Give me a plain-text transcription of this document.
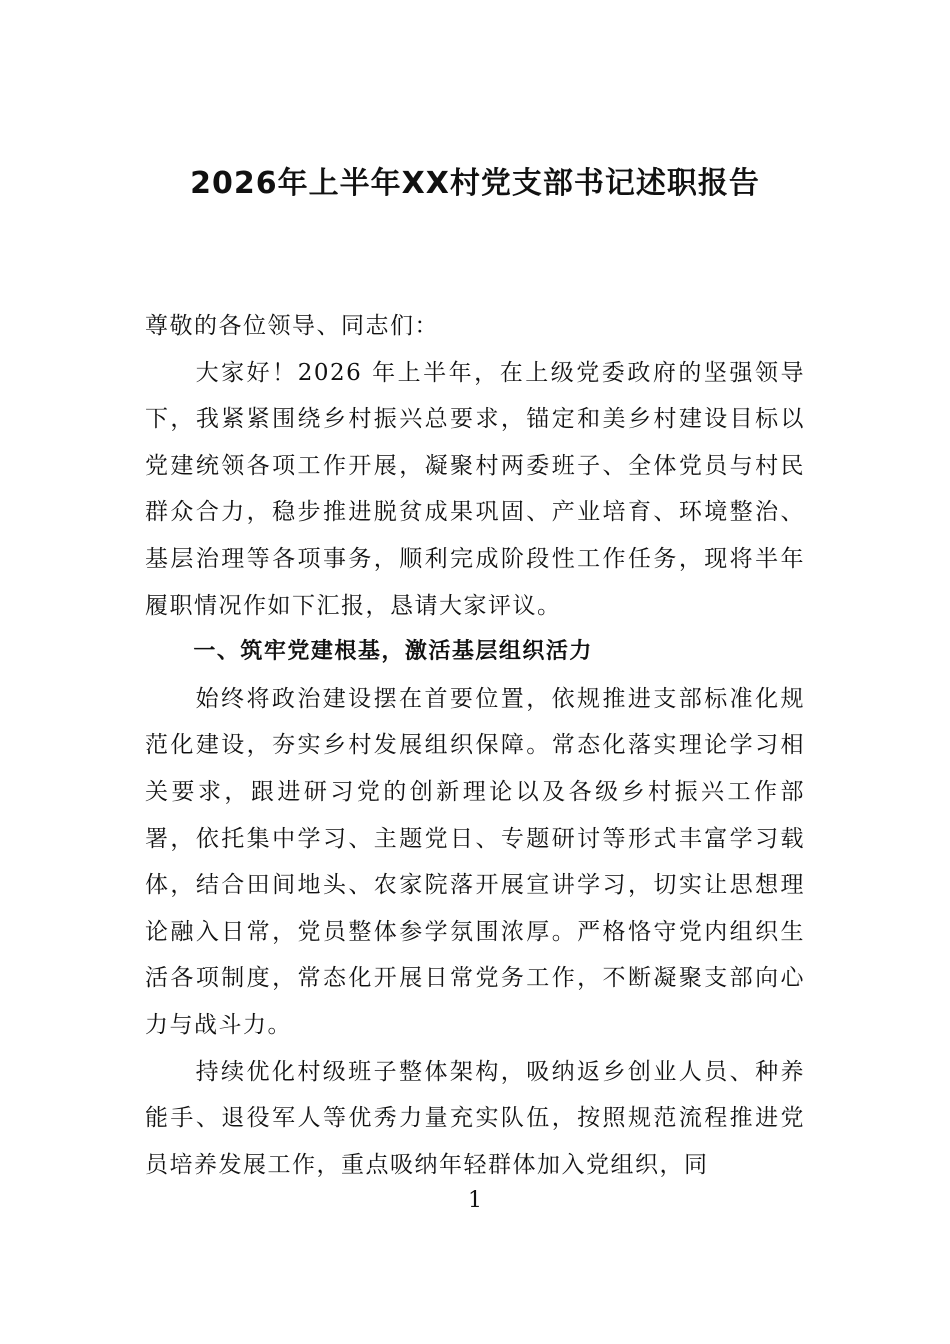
2026年上半年XX村党支部书记述职报告

尊敬的各位领导、同志们：

大家好！2026 年上半年，在上级党委政府的坚强领导下，我紧紧围绕乡村振兴总要求，锚定和美乡村建设目标以党建统领各项工作开展，凝聚村两委班子、全体党员与村民群众合力，稳步推进脱贫成果巩固、产业培育、环境整治、基层治理等各项事务，顺利完成阶段性工作任务，现将半年履职情况作如下汇报，恳请大家评议。

一、筑牢党建根基，激活基层组织活力

始终将政治建设摆在首要位置，依规推进支部标准化规范化建设，夯实乡村发展组织保障。常态化落实理论学习相关要求，跟进研习党的创新理论以及各级乡村振兴工作部署，依托集中学习、主题党日、专题研讨等形式丰富学习载体，结合田间地头、农家院落开展宣讲学习，切实让思想理论融入日常，党员整体参学氛围浓厚。严格恪守党内组织生活各项制度，常态化开展日常党务工作，不断凝聚支部向心力与战斗力。

持续优化村级班子整体架构，吸纳返乡创业人员、种养能手、退役军人等优秀力量充实队伍，按照规范流程推进党员培养发展工作，重点吸纳年轻群体加入党组织，同

1
